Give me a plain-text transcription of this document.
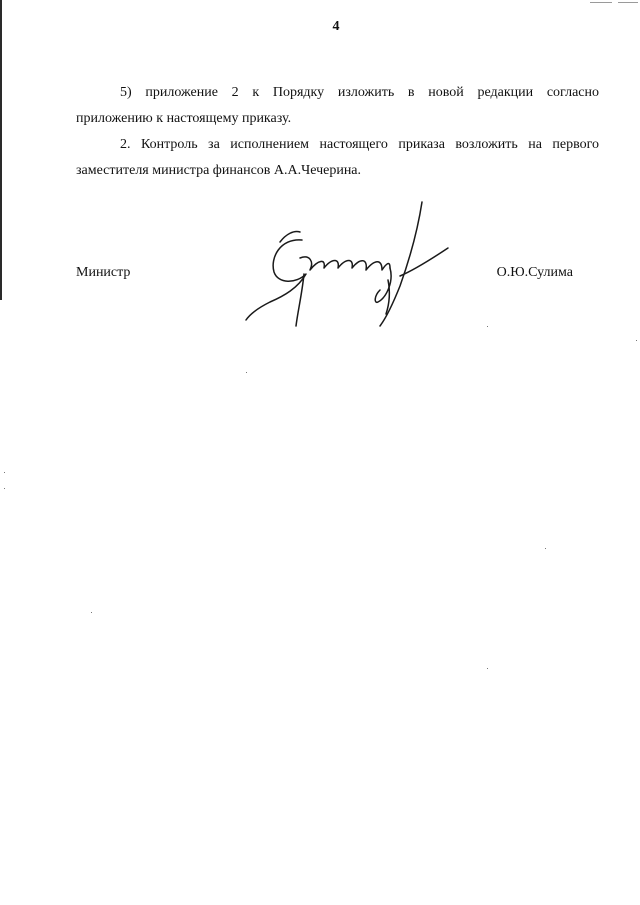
4
5) приложение 2 к Порядку изложить в новой редакции согласно
приложению к настоящему приказу.
2. Контроль за исполнением настоящего приказа возложить на первого
заместителя министра финансов А.А.Чечерина.
Министр	О.Ю.Сулима
